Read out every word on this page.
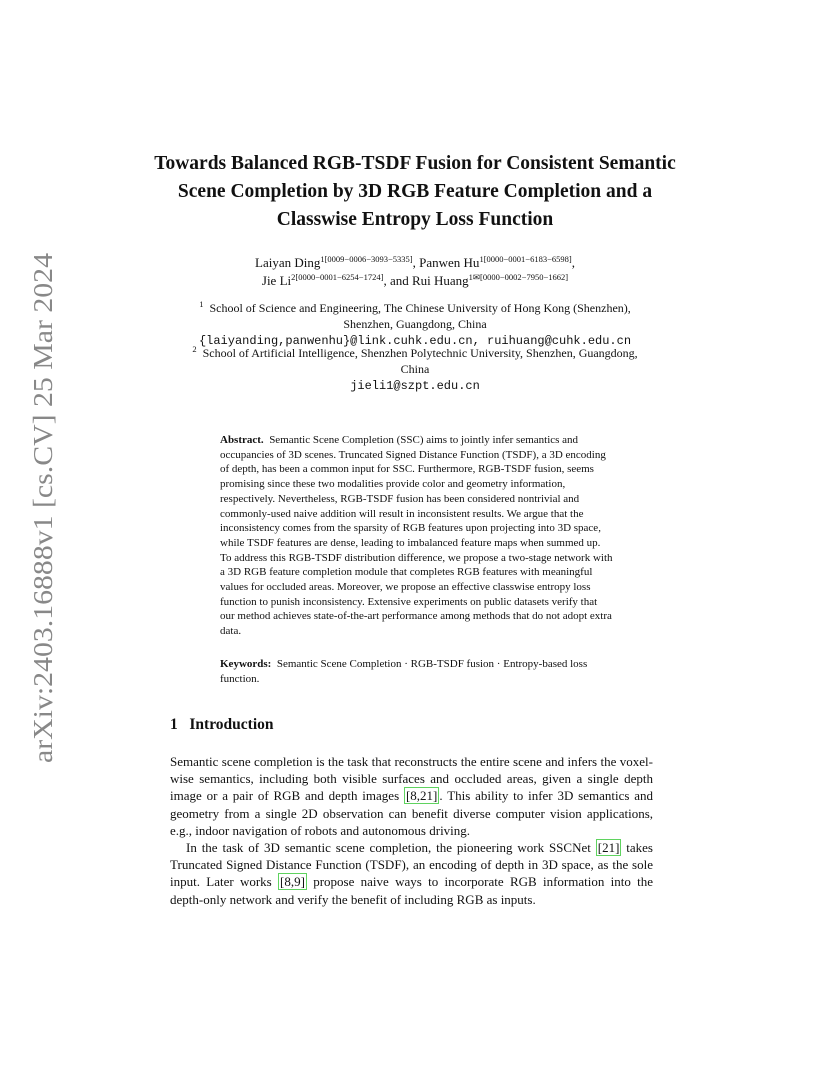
arXiv:2403.16888v1 [cs.CV] 25 Mar 2024
Towards Balanced RGB-TSDF Fusion for Consistent Semantic Scene Completion by 3D RGB Feature Completion and a Classwise Entropy Loss Function
Laiyan Ding$^{1[0009-0006-3093-5335]}$, Panwen $Hu^{1[0000-0001-6183-6598]}$,
Jie $Li^{2[0000-0001-6254-1724]}$, and Rui Huang$^{1✉[0000-0002-7950-1662]}$
$^1$ School of Science and Engineering, The Chinese University of Hong Kong (Shenzhen),
Shenzhen, Guangdong, China
{laiyanding,panwenhu}@link.cuhk.edu.cn, ruihuang@cuhk.edu.cn
$^2$ School of Artificial Intelligence, Shenzhen Polytechnic University, Shenzhen, Guangdong,
China
jieli1@szpt.edu.cn

Abstract. Semantic Scene Completion (SSC) aims to jointly infer semantics and occupancies of 3D scenes. Truncated Signed Distance Function (TSDF), a 3D encoding of depth, has been a common input for SSC. Furthermore, RGB-TSDF fusion, seems promising since these two modalities provide color and geometry information, respectively. Nevertheless, RGB-TSDF fusion has been considered nontrivial and commonly-used naive addition will result in inconsistent results. We argue that the inconsistency comes from the sparsity of RGB features upon projecting into 3D space, while TSDF features are dense, leading to imbalanced feature maps when summed up. To address this RGB-TSDF distribution difference, we propose a two-stage network with a 3D RGB feature completion module that completes RGB features with meaningful values for occluded areas. Moreover, we propose an effective classwise entropy loss function to punish inconsistency. Extensive experiments on public datasets verify that our method achieves state-of-the-art performance among methods that do not adopt extra data.

Keywords: Semantic Scene Completion · RGB-TSDF fusion · Entropy-based loss function.
1 Introduction

Semantic scene completion is the task that reconstructs the entire scene and infers the voxel-wise semantics, including both visible surfaces and occluded areas, given a single depth image or a pair of RGB and depth images [8,21] . This ability to infer 3D semantics and geometry from a single 2D observation can benefit diverse computer vision applications, e.g., indoor navigation of robots and autonomous driving.

In the task of 3D semantic scene completion, the pioneering work SSCNet [21] takes Truncated Signed Distance Function (TSDF), an encoding of depth in 3D space, as the sole input. Later works [8,9] propose naive ways to incorporate RGB information into the depth-only network and verify the benefit of including RGB as inputs.
